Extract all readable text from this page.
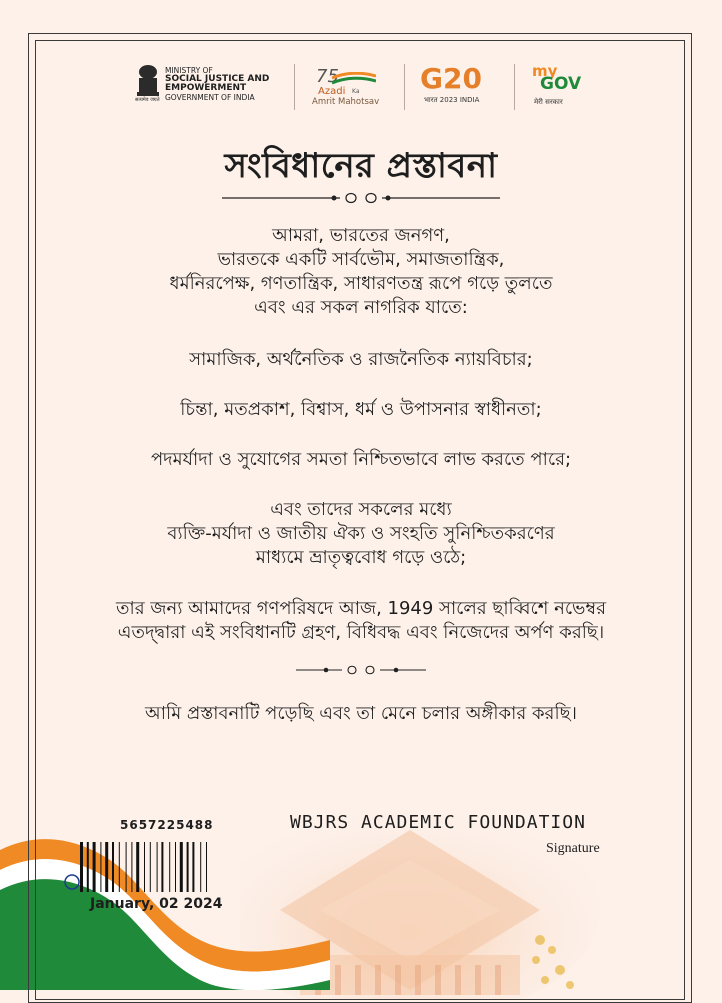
सत्यमेव जयते
MINISTRY OF
SOCIAL JUSTICE AND
EMPOWERMENT
GOVERNMENT OF INDIA
75
Azadi Ka
Amrit Mahotsav
G20
भारत 2023 INDIA
my
GOV
मेरी सरकार
সংবিধানের প্রস্তাবনা
আমরা, ভারতের জনগণ,
ভারতকে একটি সার্বভৌম, সমাজতান্ত্রিক,
ধর্মনিরপেক্ষ, গণতান্ত্রিক, সাধারণতন্ত্র রূপে গড়ে তুলতে
এবং এর সকল নাগরিক যাতে:
সামাজিক, অর্থনৈতিক ও রাজনৈতিক ন্যায়বিচার;
চিন্তা, মতপ্রকাশ, বিশ্বাস, ধর্ম ও উপাসনার স্বাধীনতা;
পদমর্যাদা ও সুযোগের সমতা নিশ্চিতভাবে লাভ করতে পারে;
এবং তাদের সকলের মধ্যে
ব্যক্তি-মর্যাদা ও জাতীয় ঐক্য ও সংহতি সুনিশ্চিতকরণের
মাধ্যমে ভ্রাতৃত্ববোধ গড়ে ওঠে;
তার জন্য আমাদের গণপরিষদে আজ, 1949 সালের ছাব্বিশে নভেম্বর
এতদ্দ্বারা এই সংবিধানটি গ্রহণ, বিধিবদ্ধ এবং নিজেদের অর্পণ করছি।
আমি প্রস্তাবনাটি পড়েছি এবং তা মেনে চলার অঙ্গীকার করছি।
5657225488
January, 02 2024
WBJRS ACADEMIC FOUNDATION
Signature
